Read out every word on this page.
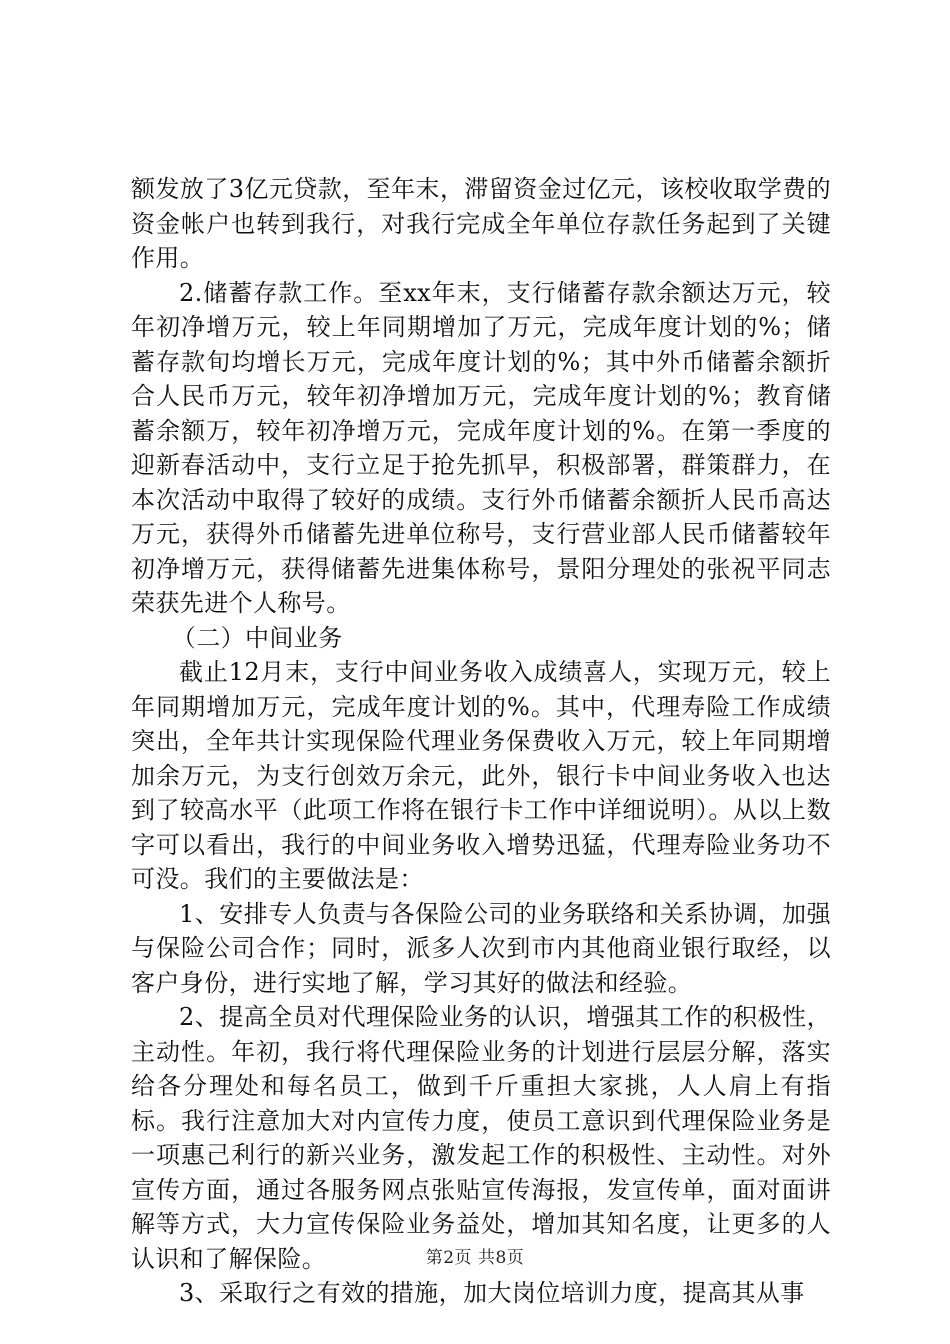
额发放了3亿元贷款，至年末，滞留资金过亿元，该校收取学费的资金帐户也转到我行，对我行完成全年单位存款任务起到了关键作用。

2.储蓄存款工作。至xx年末，支行储蓄存款余额达万元，较年初净增万元，较上年同期增加了万元，完成年度计划的%；储蓄存款旬均增长万元，完成年度计划的%；其中外币储蓄余额折合人民币万元，较年初净增加万元，完成年度计划的%；教育储蓄余额万，较年初净增万元，完成年度计划的%。在第一季度的迎新春活动中，支行立足于抢先抓早，积极部署，群策群力，在本次活动中取得了较好的成绩。支行外币储蓄余额折人民币高达万元，获得外币储蓄先进单位称号，支行营业部人民币储蓄较年初净增万元，获得储蓄先进集体称号，景阳分理处的张祝平同志荣获先进个人称号。

（二）中间业务

截止12月末，支行中间业务收入成绩喜人，实现万元，较上年同期增加万元，完成年度计划的%。其中，代理寿险工作成绩突出，全年共计实现保险代理业务保费收入万元，较上年同期增加余万元，为支行创效万余元，此外，银行卡中间业务收入也达到了较高水平（此项工作将在银行卡工作中详细说明）。从以上数字可以看出，我行的中间业务收入增势迅猛，代理寿险业务功不可没。我们的主要做法是：

1、安排专人负责与各保险公司的业务联络和关系协调，加强与保险公司合作；同时，派多人次到市内其他商业银行取经，以客户身份，进行实地了解，学习其好的做法和经验。

2、提高全员对代理保险业务的认识，增强其工作的积极性，主动性。年初，我行将代理保险业务的计划进行层层分解，落实给各分理处和每名员工，做到千斤重担大家挑，人人肩上有指标。我行注意加大对内宣传力度，使员工意识到代理保险业务是一项惠己利行的新兴业务，激发起工作的积极性、主动性。对外宣传方面，通过各服务网点张贴宣传海报，发宣传单，面对面讲解等方式，大力宣传保险业务益处，增加其知名度，让更多的人认识和了解保险。

3、采取行之有效的措施，加大岗位培训力度，提高其从事

第2页 共8页
